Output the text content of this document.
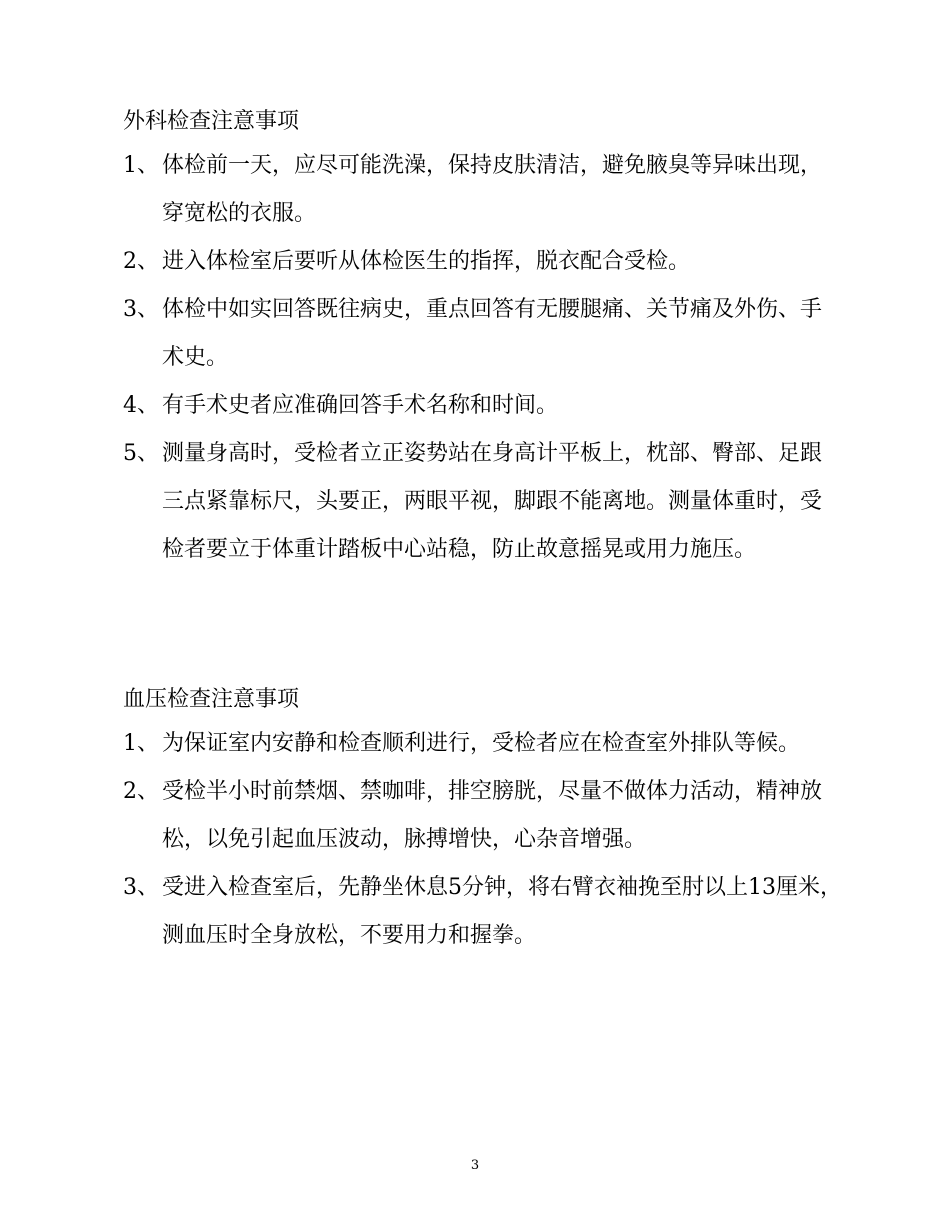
外科检查注意事项
1、 体检前一天，应尽可能洗澡，保持皮肤清洁，避免腋臭等异味出现，穿宽松的衣服。
2、 进入体检室后要听从体检医生的指挥，脱衣配合受检。
3、 体检中如实回答既往病史，重点回答有无腰腿痛、关节痛及外伤、手术史。
4、 有手术史者应准确回答手术名称和时间。
5、 测量身高时，受检者立正姿势站在身高计平板上，枕部、臀部、足跟三点紧靠标尺，头要正，两眼平视，脚跟不能离地。测量体重时，受检者要立于体重计踏板中心站稳，防止故意摇晃或用力施压。
血压检查注意事项
1、 为保证室内安静和检查顺利进行，受检者应在检查室外排队等候。
2、 受检半小时前禁烟、禁咖啡，排空膀胱，尽量不做体力活动，精神放松，以免引起血压波动，脉搏增快，心杂音增强。
3、 受进入检查室后，先静坐休息5分钟，将右臂衣袖挽至肘以上13厘米，测血压时全身放松，不要用力和握拳。
3
